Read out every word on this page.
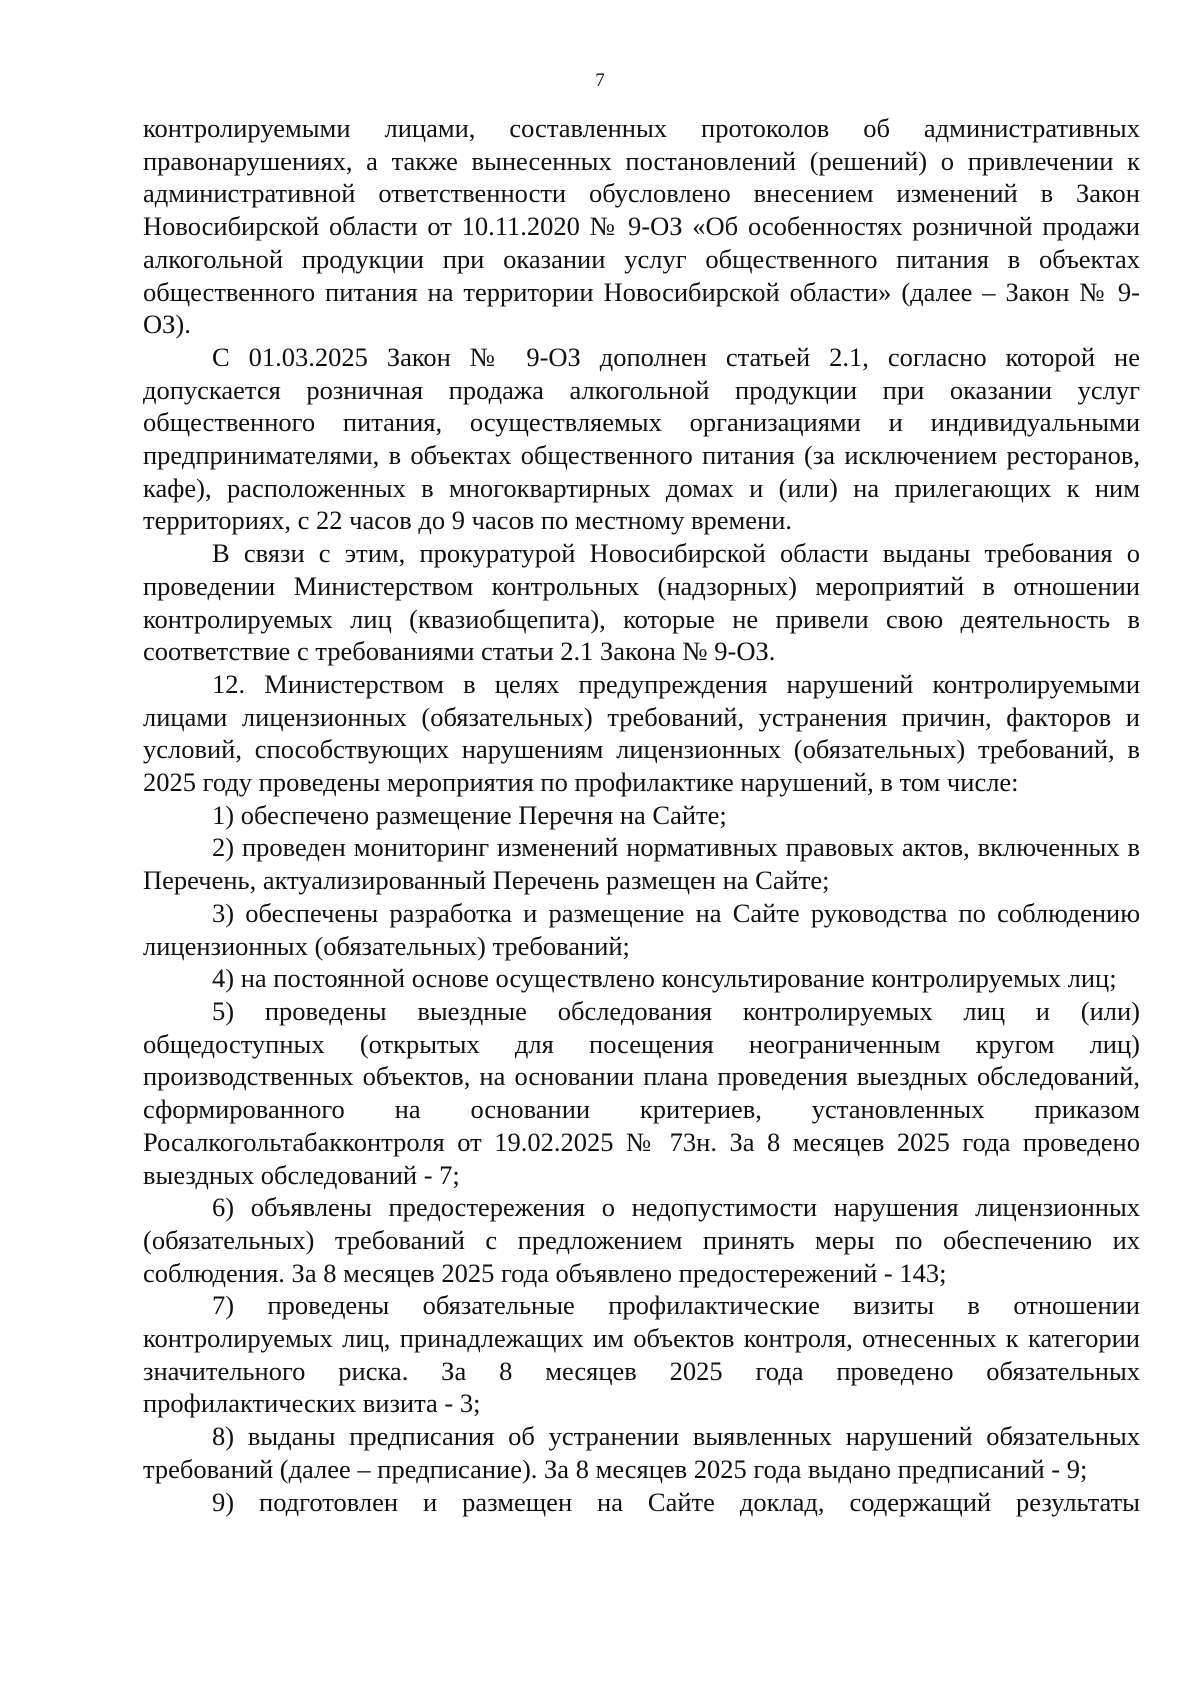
7

контролируемыми лицами, составленных протоколов об административных правонарушениях, а также вынесенных постановлений (решений) о привлечении к административной ответственности обусловлено внесением изменений в Закон Новосибирской области от 10.11.2020 № 9-ОЗ «Об особенностях розничной продажи алкогольной продукции при оказании услуг общественного питания в объектах общественного питания на территории Новосибирской области» (далее – Закон № 9-ОЗ).

С 01.03.2025 Закон № 9-ОЗ дополнен статьей 2.1, согласно которой не допускается розничная продажа алкогольной продукции при оказании услуг общественного питания, осуществляемых организациями и индивидуальными предпринимателями, в объектах общественного питания (за исключением ресторанов, кафе), расположенных в многоквартирных домах и (или) на прилегающих к ним территориях, с 22 часов до 9 часов по местному времени.

В связи с этим, прокуратурой Новосибирской области выданы требования о проведении Министерством контрольных (надзорных) мероприятий в отношении контролируемых лиц (квазиобщепита), которые не привели свою деятельность в соответствие с требованиями статьи 2.1 Закона № 9-ОЗ.

12. Министерством в целях предупреждения нарушений контролируемыми лицами лицензионных (обязательных) требований, устранения причин, факторов и условий, способствующих нарушениям лицензионных (обязательных) требований, в 2025 году проведены мероприятия по профилактике нарушений, в том числе:

1) обеспечено размещение Перечня на Сайте;

2) проведен мониторинг изменений нормативных правовых актов, включенных в Перечень, актуализированный Перечень размещен на Сайте;

3) обеспечены разработка и размещение на Сайте руководства по соблюдению лицензионных (обязательных) требований;

4) на постоянной основе осуществлено консультирование контролируемых лиц;

5) проведены выездные обследования контролируемых лиц и (или) общедоступных (открытых для посещения неограниченным кругом лиц) производственных объектов, на основании плана проведения выездных обследований, сформированного на основании критериев, установленных приказом Росалкогольтабакконтроля от 19.02.2025 № 73н. За 8 месяцев 2025 года проведено выездных обследований - 7;

6) объявлены предостережения о недопустимости нарушения лицензионных (обязательных) требований с предложением принять меры по обеспечению их соблюдения. За 8 месяцев 2025 года объявлено предостережений - 143;

7) проведены обязательные профилактические визиты в отношении контролируемых лиц, принадлежащих им объектов контроля, отнесенных к категории значительного риска. За 8 месяцев 2025 года проведено обязательных профилактических визита - 3;

8) выданы предписания об устранении выявленных нарушений обязательных требований (далее – предписание). За 8 месяцев 2025 года выдано предписаний - 9;

9) подготовлен и размещен на Сайте доклад, содержащий результаты
